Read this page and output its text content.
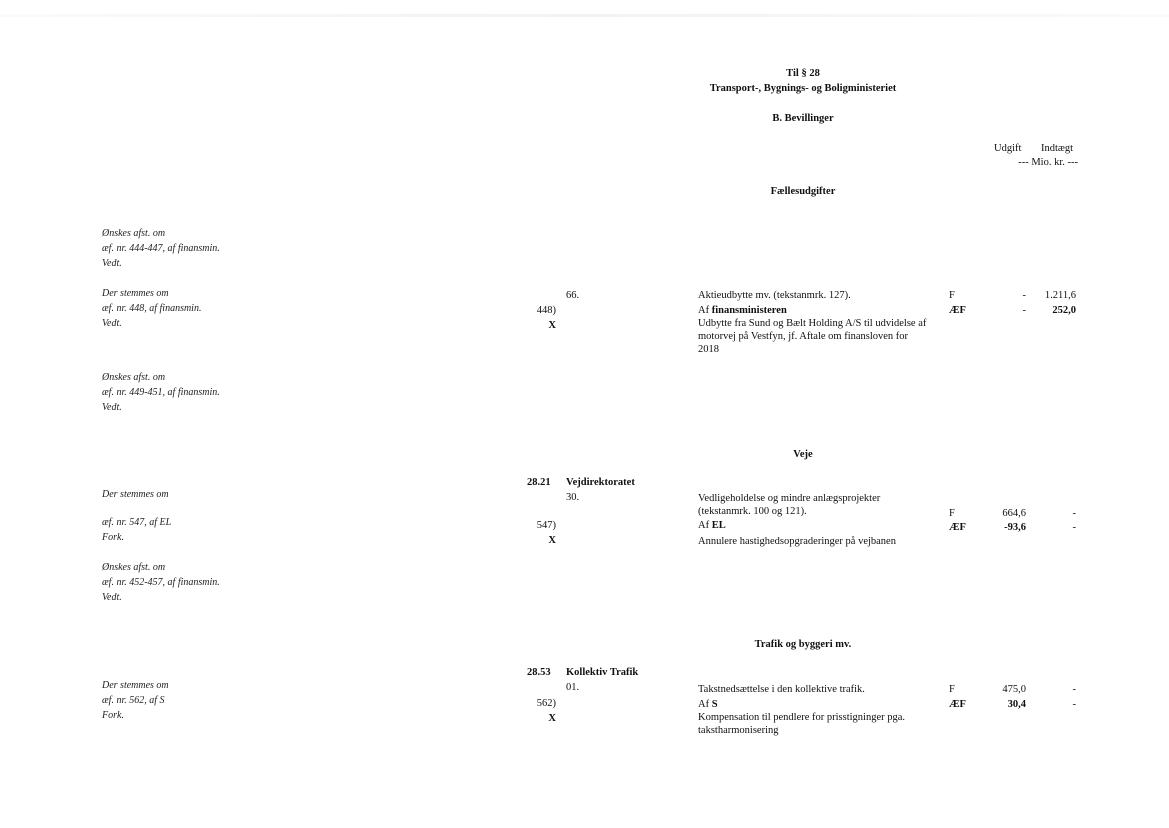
Til § 28
Transport-, Bygnings- og Boligministeriet
B. Bevillinger
Udgift Indtægt
--- Mio. kr. ---
Fællesudgifter
Ønskes afst. om
æf. nr. 444-447, af finansmin.
Vedt.
Der stemmes om
æf. nr. 448, af finansmin.
Vedt.
Ønskes afst. om
æf. nr. 449-451, af finansmin.
Vedt.
Der stemmes om
æf. nr. 547, af EL
Fork.
Ønskes afst. om
æf. nr. 452-457, af finansmin.
Vedt.
Der stemmes om
æf. nr. 562, af S
Fork.
448)
X
66.	Aktieudbytte mv. (tekstanmrk. 127).	F	-	1.211,6
Af finansministeren	ÆF	-	252,0
Udbytte fra Sund og Bælt Holding A/S til udvidelse af motorvej på Vestfyn, jf. Aftale om finansloven for 2018
Veje
28.21 Vejdirektoratet
30.	Vedligeholdelse og mindre anlægsprojekter
(tekstanmrk. 100 og 121).	F	664,6	-
547)
X
Af EL	ÆF	-93,6	-
Annulere hastighedsopgraderinger på vejbanen
Trafik og byggeri mv.
28.53 Kollektiv Trafik
01.	Takstnedsættelse i den kollektive trafik.	F	475,0	-
562)
X
Af S	ÆF	30,4	-
Kompensation til pendlere for prisstigninger pga. takstharmonisering
